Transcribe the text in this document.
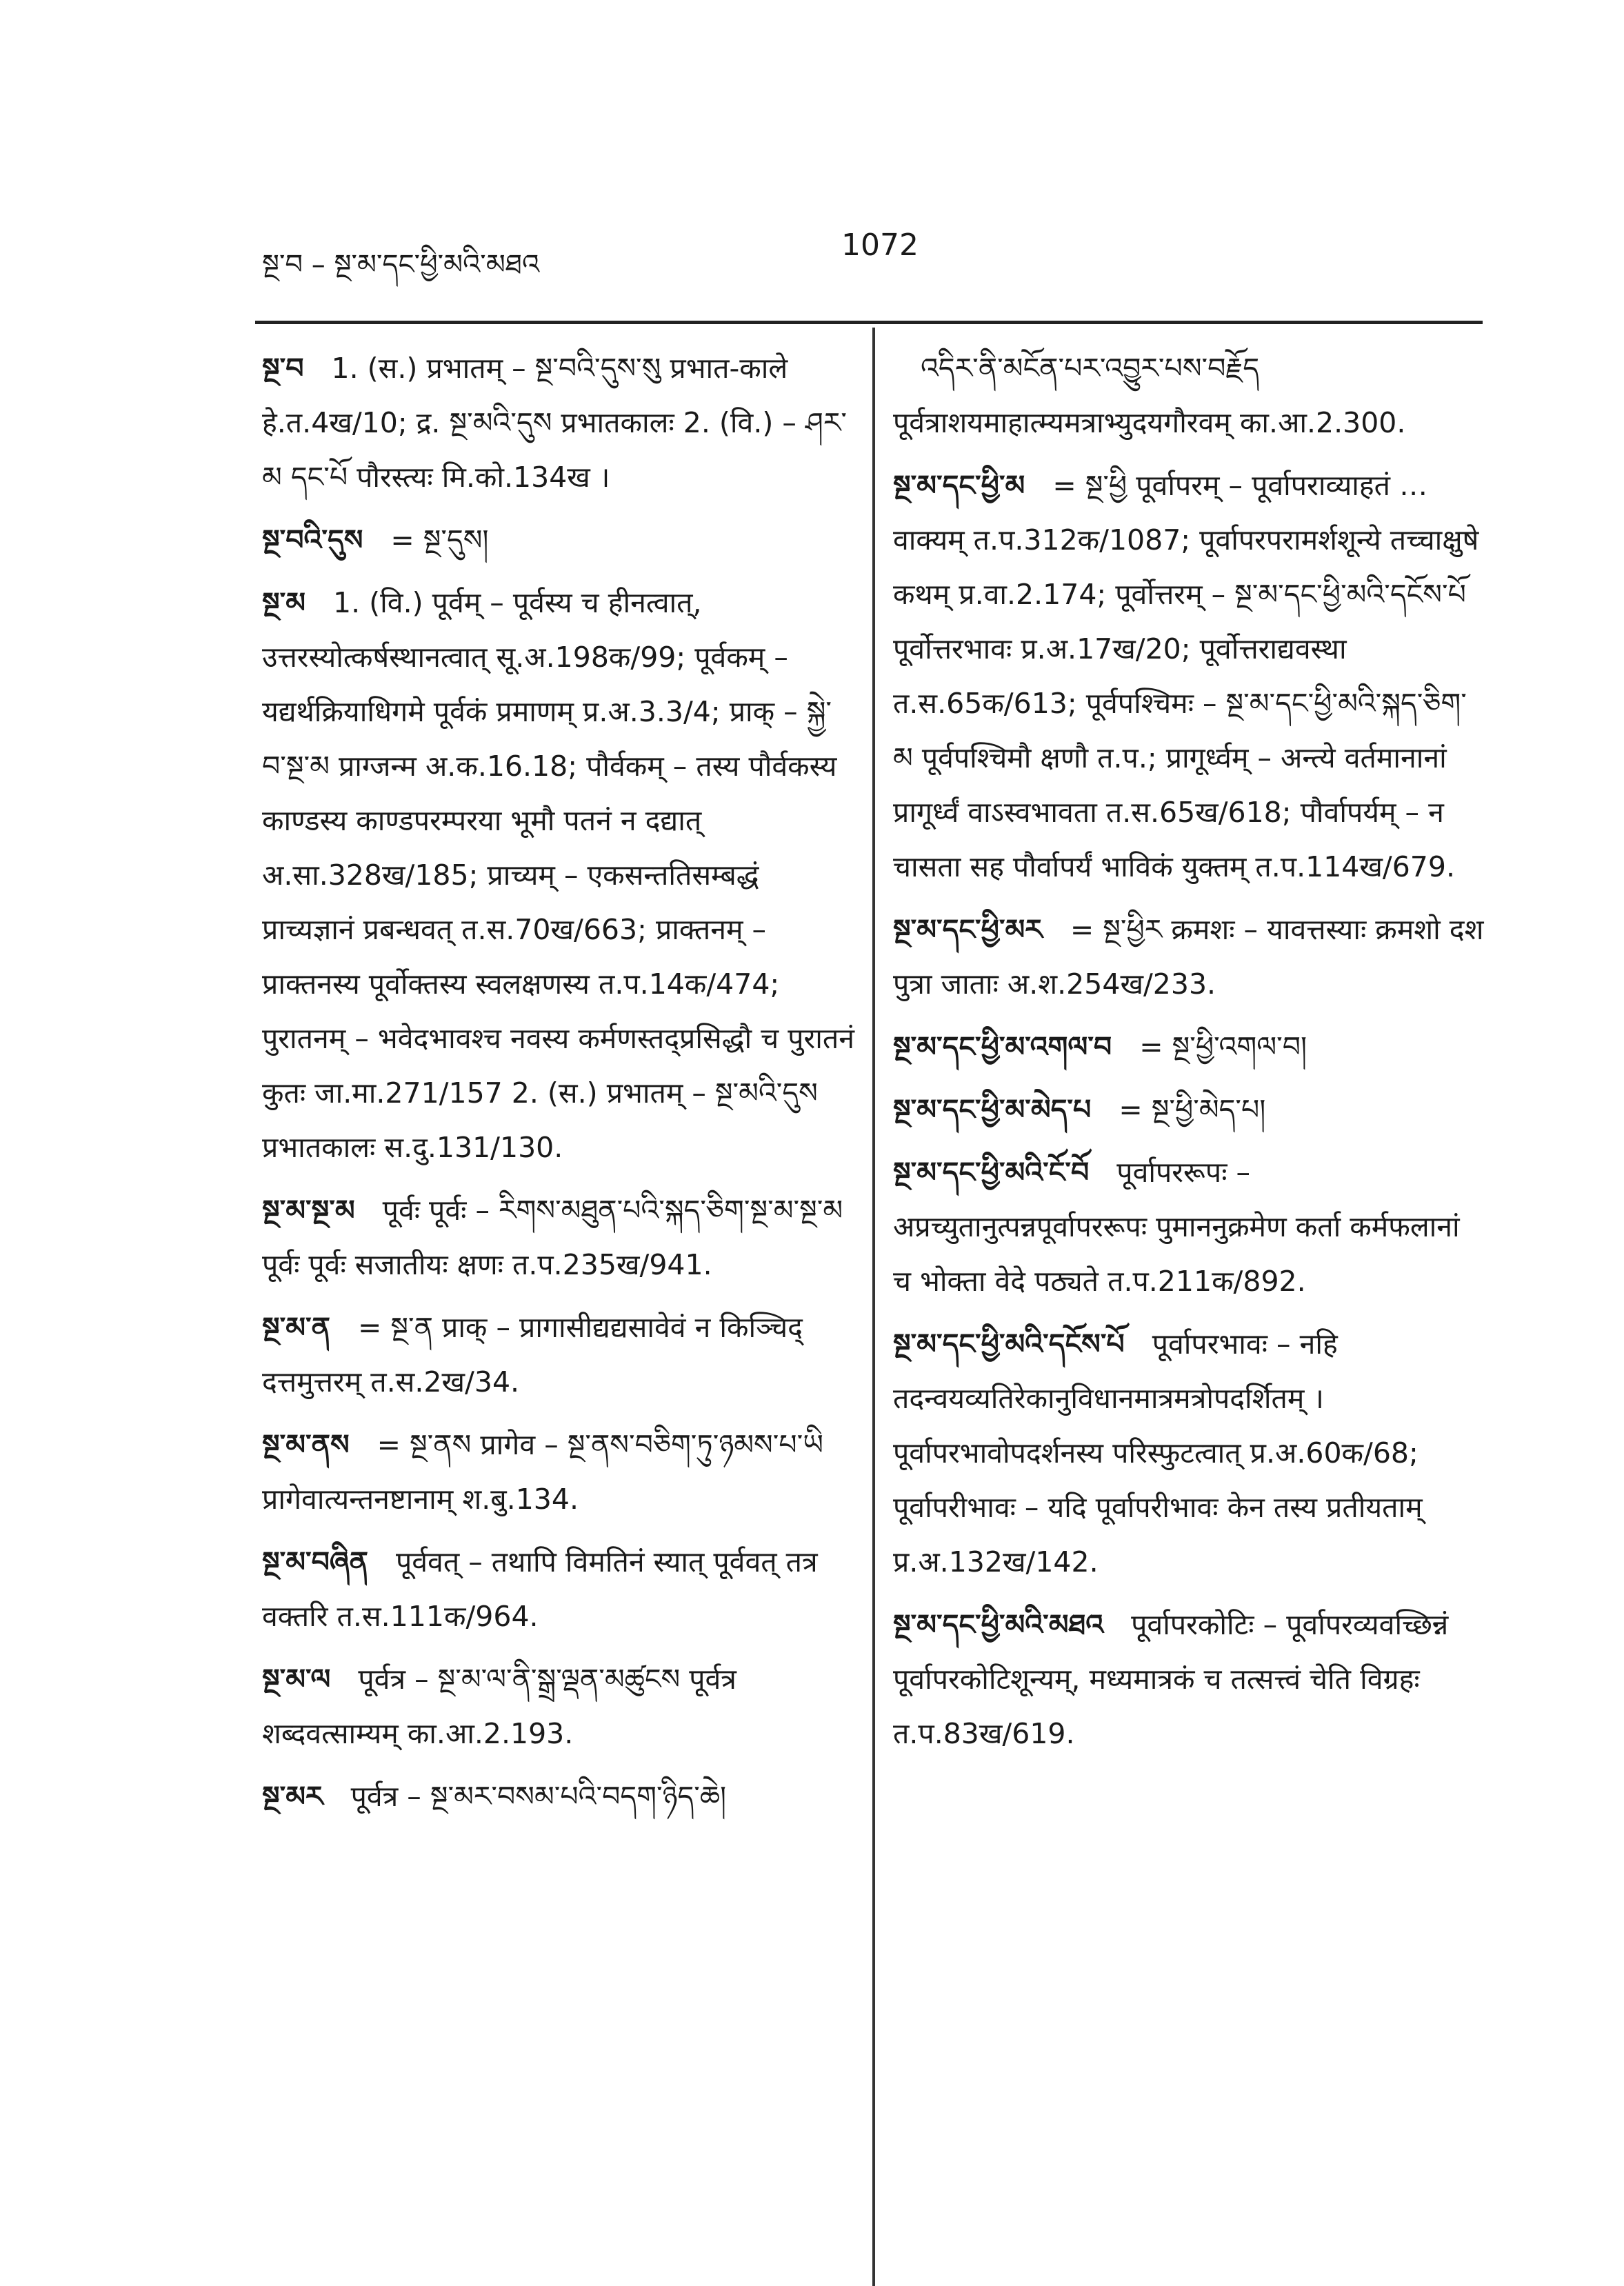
སྔ་བ – སྔ་མ་དང་ཕྱི་མའི་མཐའ
1072
སྔ་བ 1. (स.) प्रभातम् – སྔ་བའི་དུས་སུ प्रभात-काले हे.त.4ख/10; द्र. སྔ་མའི་དུས प्रभातकालः 2. (वि.) – ཤར་མ དང་པོ पौरस्त्यः मि.को.134ख ।
སྔ་བའི་དུས = སྔ་དུས།
སྔ་མ 1. (वि.) पूर्वम् – पूर्वस्य च हीनत्वात्, उत्तरस्योत्कर्षस्थानत्वात् सू.अ.198क/99; पूर्वकम् – यद्यर्थक्रियाधिगमे पूर्वकं प्रमाणम् प्र.अ.3.3/4; प्राक् – སྐྱེ་བ་སྔ་མ प्राग्जन्म अ.क.16.18; पौर्वकम् – तस्य पौर्वकस्य काण्डस्य काण्डपरम्परया भूमौ पतनं न दद्यात् अ.सा.328ख/185; प्राच्यम् – एकसन्ततिसम्बद्धं प्राच्यज्ञानं प्रबन्धवत् त.स.70ख/663; प्राक्तनम् – प्राक्तनस्य पूर्वोक्तस्य स्वलक्षणस्य त.प.14क/474; पुरातनम् – भवेदभावश्च नवस्य कर्मणस्तद्प्रसिद्धौ च पुरातनं कुतः जा.मा.271/157 2. (स.) प्रभातम् – སྔ་མའི་དུས प्रभातकालः स.दु.131/130.
སྔ་མ་སྔ་མ पूर्वः पूर्वः – རིགས་མཐུན་པའི་སྐད་ཅིག་སྔ་མ་སྔ་མ पूर्वः पूर्वः सजातीयः क्षणः त.प.235ख/941.
སྔ་མ་ན = སྔ་ན प्राक् – प्रागासीद्यद्यसावेवं न किञ्चिद् दत्तमुत्तरम् त.स.2ख/34.
སྔ་མ་ནས = སྔ་ནས प्रागेव – སྔ་ནས་བཅིག་ཏུ་ཉམས་པ་ཡི प्रागेवात्यन्तनष्टानाम् श.बु.134.
སྔ་མ་བཞིན पूर्ववत् – तथापि विमतिनं स्यात् पूर्ववत् तत्र वक्तरि त.स.111क/964.
སྔ་མ་ལ पूर्वत्र – སྔ་མ་ལ་ནི་སྒྲ་ལྡན་མཚུངས पूर्वत्र शब्दवत्साम्यम् का.आ.2.193.
སྔ་མར पूर्वत्र – སྔ་མར་བསམ་པའི་བདག་ཉིད་ཆེ།
འདིར་ནི་མངོན་པར་འབྱུར་པས་བརྗོད पूर्वत्राशयमाहात्म्यमत्राभ्युदयगौरवम् का.आ.2.300.
སྔ་མ་དང་ཕྱི་མ = སྔ་ཕྱི पूर्वापरम् – पूर्वापराव्याहतं … वाक्यम् त.प.312क/1087; पूर्वापरपरामर्शशून्ये तच्चाक्षुषे कथम् प्र.वा.2.174; पूर्वोत्तरम् – སྔ་མ་དང་ཕྱི་མའི་དངོས་པོ पूर्वोत्तरभावः प्र.अ.17ख/20; पूर्वोत्तराद्यवस्था त.स.65क/613; पूर्वपश्चिमः – སྔ་མ་དང་ཕྱི་མའི་སྐད་ཅིག་མ पूर्वपश्चिमौ क्षणौ त.प.; प्रागूर्ध्वम् – अन्त्ये वर्तमानानां प्रागूर्ध्वं वाऽस्वभावता त.स.65ख/618; पौर्वापर्यम् – न चासता सह पौर्वापर्यं भाविकं युक्तम् त.प.114ख/679.
སྔ་མ་དང་ཕྱི་མར = སྔ་ཕྱིར क्रमशः – यावत्तस्याः क्रमशो दश पुत्रा जाताः अ.श.254ख/233.
སྔ་མ་དང་ཕྱི་མ་འགལ་བ = སྔ་ཕྱི་འགལ་བ།
སྔ་མ་དང་ཕྱི་མ་མེད་པ = སྔ་ཕྱི་མེད་པ།
སྔ་མ་དང་ཕྱི་མའི་ངོ་བོ पूर्वापररूपः – अप्रच्युतानुत्पन्नपूर्वापररूपः पुमाननुक्रमेण कर्ता कर्मफलानां च भोक्ता वेदे पठ्यते त.प.211क/892.
སྔ་མ་དང་ཕྱི་མའི་དངོས་པོ पूर्वापरभावः – नहि तदन्वयव्यतिरेकानुविधानमात्रमत्रोपदर्शितम् । पूर्वापरभावोपदर्शनस्य परिस्फुटत्वात् प्र.अ.60क/68; पूर्वापरीभावः – यदि पूर्वापरीभावः केन तस्य प्रतीयताम् प्र.अ.132ख/142.
སྔ་མ་དང་ཕྱི་མའི་མཐའ पूर्वापरकोटिः – पूर्वापरव्यवच्छिन्नं पूर्वापरकोटिशून्यम्, मध्यमात्रकं च तत्सत्त्वं चेति विग्रहः त.प.83ख/619.
